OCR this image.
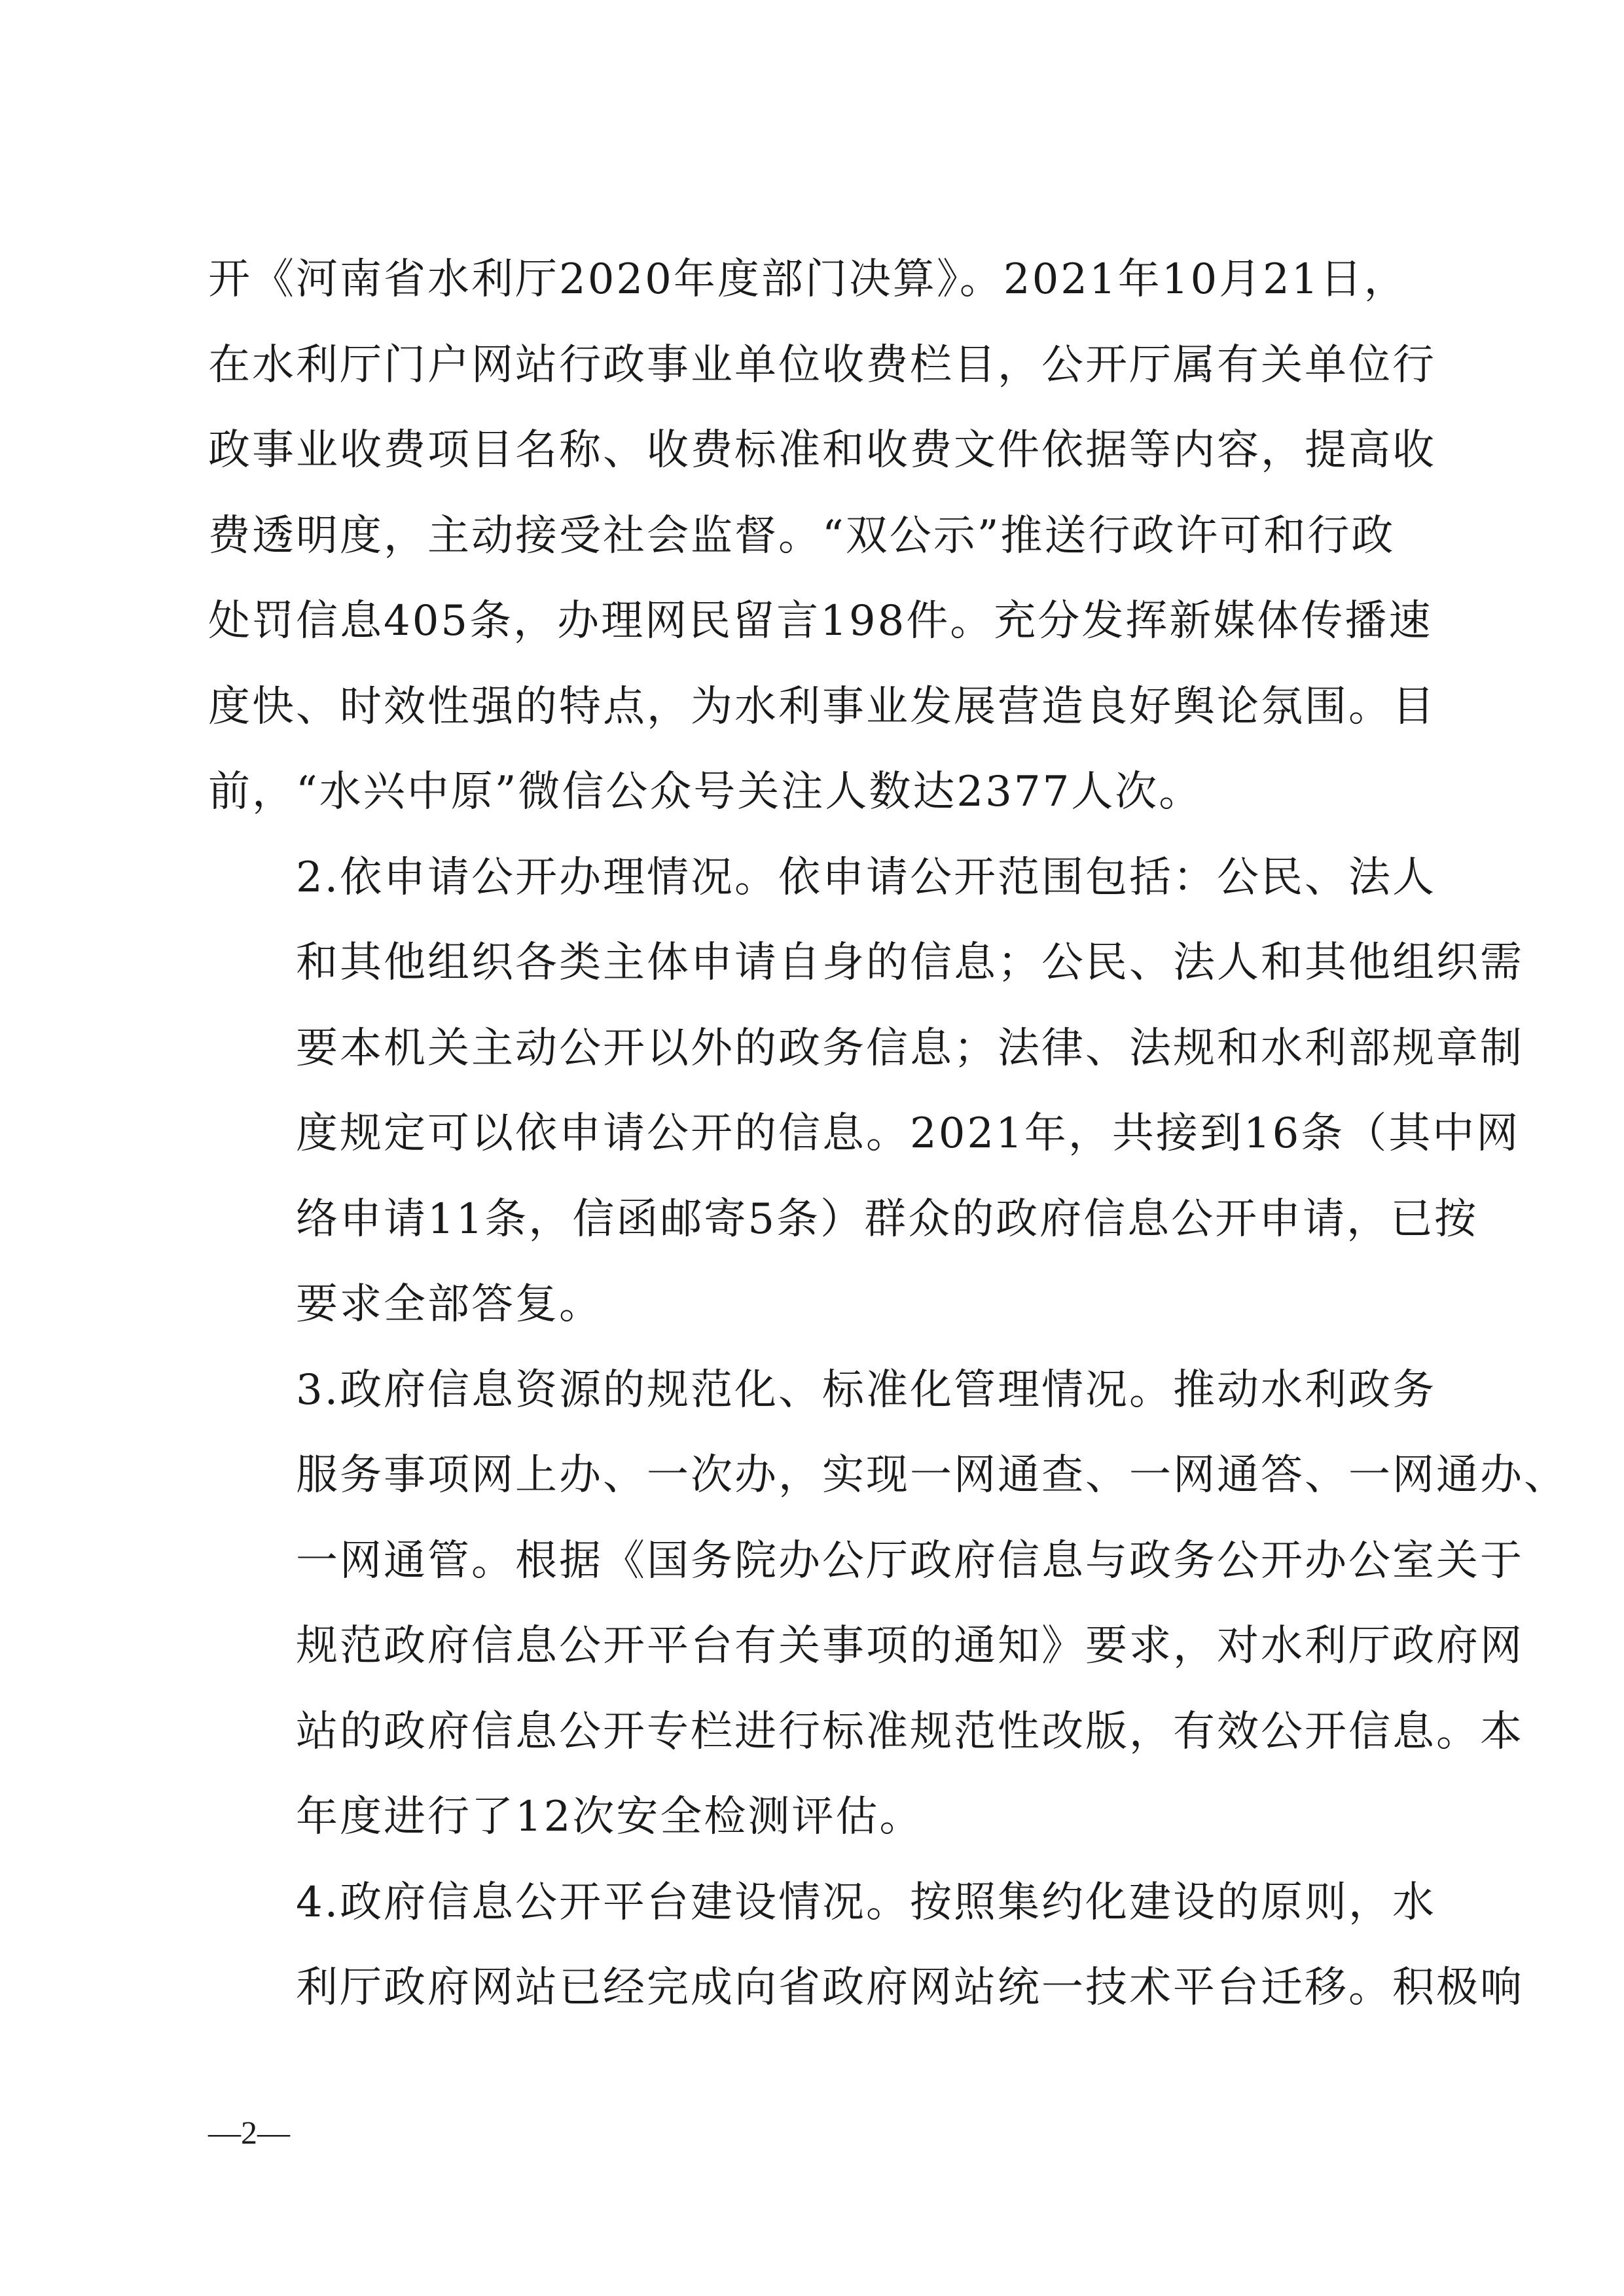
开《河南省水利厅2020年度部门决算》。2021年10月21日，
在水利厅门户网站行政事业单位收费栏目，公开厅属有关单位行
政事业收费项目名称、收费标准和收费文件依据等内容，提高收
费透明度，主动接受社会监督。“双公示”推送行政许可和行政
处罚信息405条，办理网民留言198件。充分发挥新媒体传播速
度快、时效性强的特点，为水利事业发展营造良好舆论氛围。目
前，“水兴中原”微信公众号关注人数达2377人次。

2.依申请公开办理情况。依申请公开范围包括：公民、法人
和其他组织各类主体申请自身的信息；公民、法人和其他组织需
要本机关主动公开以外的政务信息；法律、法规和水利部规章制
度规定可以依申请公开的信息。2021年，共接到16条（其中网
络申请11条，信函邮寄5条）群众的政府信息公开申请，已按
要求全部答复。

3.政府信息资源的规范化、标准化管理情况。推动水利政务
服务事项网上办、一次办，实现一网通查、一网通答、一网通办、
一网通管。根据《国务院办公厅政府信息与政务公开办公室关于
规范政府信息公开平台有关事项的通知》要求，对水利厅政府网
站的政府信息公开专栏进行标准规范性改版，有效公开信息。本
年度进行了12次安全检测评估。

4.政府信息公开平台建设情况。按照集约化建设的原则，水
利厅政府网站已经完成向省政府网站统一技术平台迁移。积极响

—2—
